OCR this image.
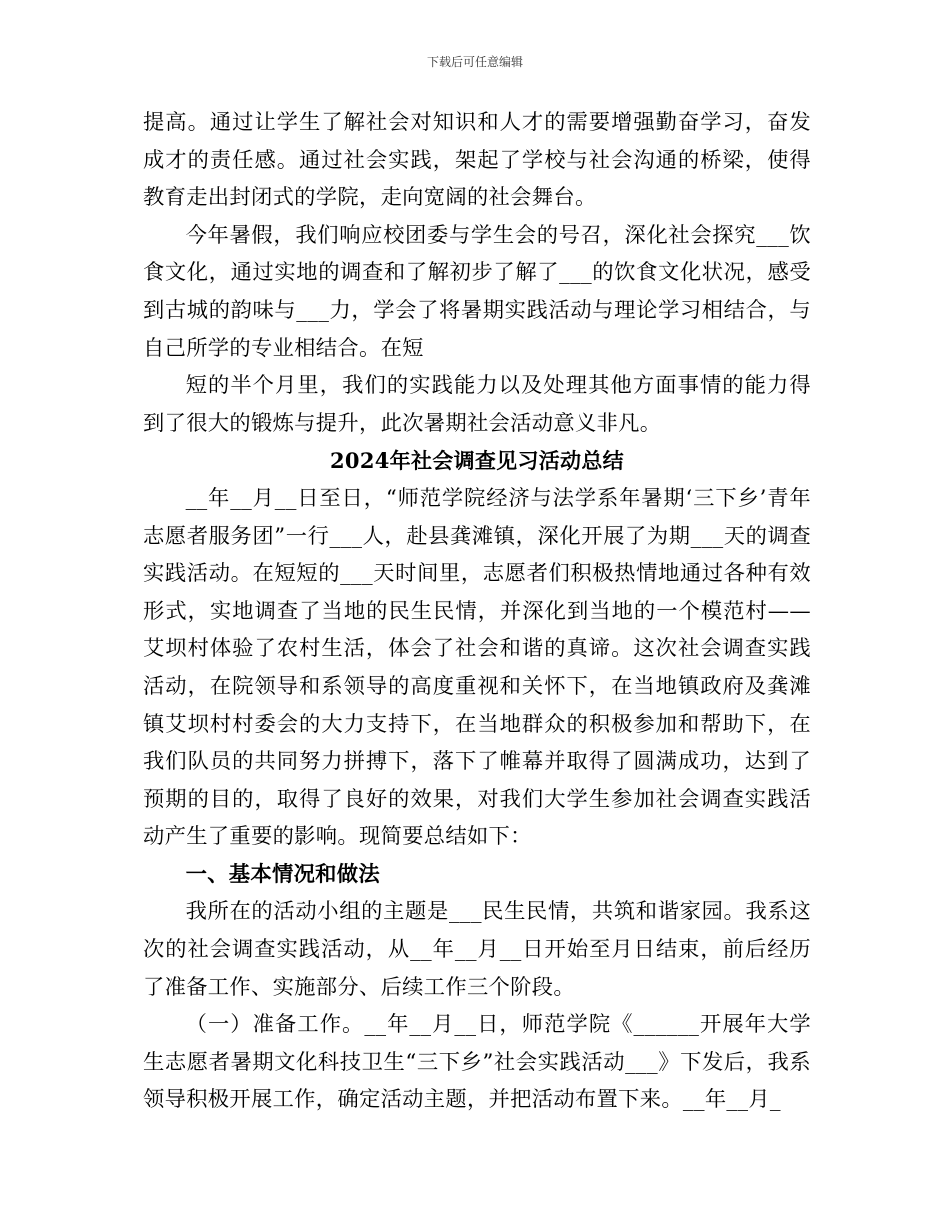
下载后可任意编辑

提高。通过让学生了解社会对知识和人才的需要增强勤奋学习，奋发成才的责任感。通过社会实践，架起了学校与社会沟通的桥梁，使得教育走出封闭式的学院，走向宽阔的社会舞台。

今年暑假，我们响应校团委与学生会的号召，深化社会探究___饮食文化，通过实地的调查和了解初步了解了___的饮食文化状况，感受到古城的韵味与___力，学会了将暑期实践活动与理论学习相结合，与自己所学的专业相结合。在短

短的半个月里，我们的实践能力以及处理其他方面事情的能力得到了很大的锻炼与提升，此次暑期社会活动意义非凡。

2024年社会调查见习活动总结

__年__月__日至日，“师范学院经济与法学系年暑期‘三下乡’青年志愿者服务团”一行___人，赴县龚滩镇，深化开展了为期___天的调查实践活动。在短短的___天时间里，志愿者们积极热情地通过各种有效形式，实地调查了当地的民生民情，并深化到当地的一个模范村——艾坝村体验了农村生活，体会了社会和谐的真谛。这次社会调查实践活动，在院领导和系领导的高度重视和关怀下，在当地镇政府及龚滩镇艾坝村村委会的大力支持下，在当地群众的积极参加和帮助下，在我们队员的共同努力拼搏下，落下了帷幕并取得了圆满成功，达到了预期的目的，取得了良好的效果，对我们大学生参加社会调查实践活动产生了重要的影响。现简要总结如下：

一、基本情况和做法

我所在的活动小组的主题是___民生民情，共筑和谐家园。我系这次的社会调查实践活动，从__年__月__日开始至月日结束，前后经历了准备工作、实施部分、后续工作三个阶段。

（一）准备工作。__年__月__日，师范学院《______开展年大学生志愿者暑期文化科技卫生“三下乡”社会实践活动___》下发后，我系领导积极开展工作，确定活动主题，并把活动布置下来。__年__月_
